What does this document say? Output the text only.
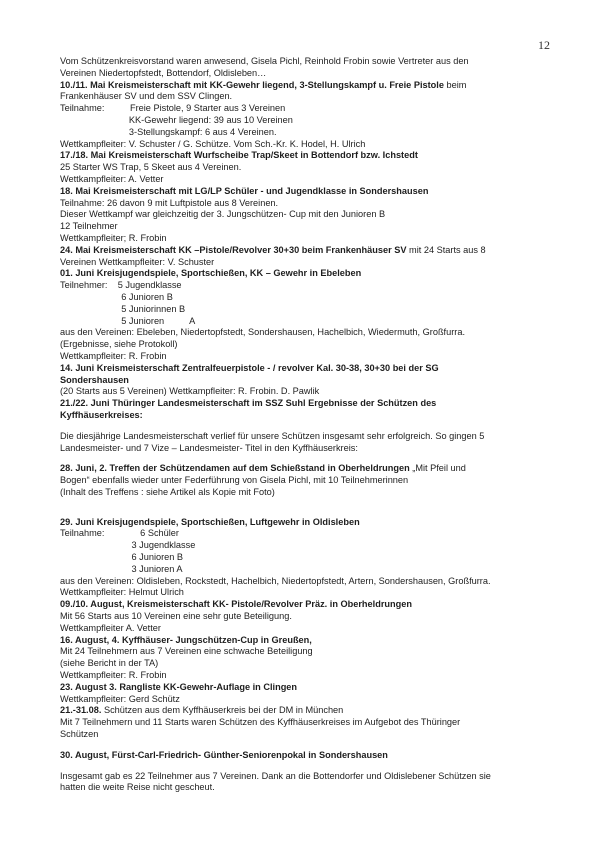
12
Vom Schützenkreisvorstand waren anwesend, Gisela Pichl, Reinhold Frobin sowie Vertreter aus den
Vereinen Niedertopfstedt, Bottendorf, Oldisleben…
10./11. Mai Kreismeisterschaft mit KK-Gewehr liegend, 3-Stellungskampf u. Freie Pistole beim
Frankenhäuser SV und dem SSV Clingen.
Teilnahme:          Freie Pistole, 9 Starter aus 3 Vereinen
KK-Gewehr liegend: 39 aus 10 Vereinen
3-Stellungskampf: 6 aus 4 Vereinen.
Wettkampfleiter: V. Schuster / G. Schütze. Vom Sch.-Kr. K. Hodel, H. Ulrich
17./18. Mai Kreismeisterschaft Wurfscheibe Trap/Skeet in Bottendorf bzw. Ichstedt
25 Starter WS Trap, 5 Skeet aus 4 Vereinen.
Wettkampfleiter: A. Vetter
18. Mai Kreismeisterschaft mit LG/LP Schüler - und Jugendklasse in Sondershausen
Teilnahme: 26 davon 9 mit Luftpistole aus 8 Vereinen.
Dieser Wettkampf war gleichzeitig der 3. Jungschützen- Cup mit den Junioren B
12 Teilnehmer
Wettkampfleiter; R. Frobin
24. Mai Kreismeisterschaft KK –Pistole/Revolver 30+30 beim Frankenhäuser SV mit 24 Starts aus 8
Vereinen Wettkampfleiter: V. Schuster
01. Juni Kreisjugendspiele, Sportschießen, KK – Gewehr in Ebeleben
Teilnehmer:    5 Jugendklasse
6 Junioren B
5 Juniorinnen B
5 Junioren          A
aus den Vereinen: Ebeleben, Niedertopfstedt, Sondershausen, Hachelbich, Wiedermuth, Großfurra.
(Ergebnisse, siehe Protokoll)
Wettkampfleiter: R. Frobin
14. Juni Kreismeisterschaft Zentralfeuerpistole - / revolver Kal. 30-38, 30+30 bei der SG
Sondershausen
(20 Starts aus 5 Vereinen) Wettkampfleiter: R. Frobin. D. Pawlik
21./22. Juni Thüringer Landesmeisterschaft im SSZ Suhl Ergebnisse der Schützen des
Kyffhäuserkreises:
Die diesjährige Landesmeisterschaft verlief für unsere Schützen insgesamt sehr erfolgreich. So gingen 5
Landesmeister- und 7 Vize – Landesmeister- Titel in den Kyffhäuserkreis:
28. Juni, 2. Treffen der Schützendamen auf dem Schießstand in Oberheldrungen „Mit Pfeil und
Bogen“ ebenfalls wieder unter Federführung von Gisela Pichl, mit 10 Teilnehmerinnen
(Inhalt des Treffens : siehe Artikel als Kopie mit Foto)
29. Juni Kreisjugendspiele, Sportschießen, Luftgewehr in Oldisleben
Teilnahme:              6 Schüler
3 Jugendklasse
6 Junioren B
3 Junioren A
aus den Vereinen: Oldisleben, Rockstedt, Hachelbich, Niedertopfstedt, Artern, Sondershausen, Großfurra.
Wettkampfleiter: Helmut Ulrich
09./10. August, Kreismeisterschaft KK- Pistole/Revolver Präz. in Oberheldrungen
Mit 56 Starts aus 10 Vereinen eine sehr gute Beteiligung.
Wettkampfleiter A. Vetter
16. August, 4. Kyffhäuser- Jungschützen-Cup in Greußen,
Mit 24 Teilnehmern aus 7 Vereinen eine schwache Beteiligung
(siehe Bericht in der TA)
Wettkampfleiter: R. Frobin
23. August 3. Rangliste KK-Gewehr-Auflage in Clingen
Wettkampfleiter: Gerd Schütz
21.-31.08. Schützen aus dem Kyffhäuserkreis bei der DM in München
Mit 7 Teilnehmern und 11 Starts waren Schützen des Kyffhäuserkreises im Aufgebot des Thüringer
Schützen
30. August, Fürst-Carl-Friedrich- Günther-Seniorenpokal in Sondershausen
Insgesamt gab es 22 Teilnehmer aus 7 Vereinen. Dank an die Bottendorfer und Oldislebener Schützen sie
hatten die weite Reise nicht gescheut.
